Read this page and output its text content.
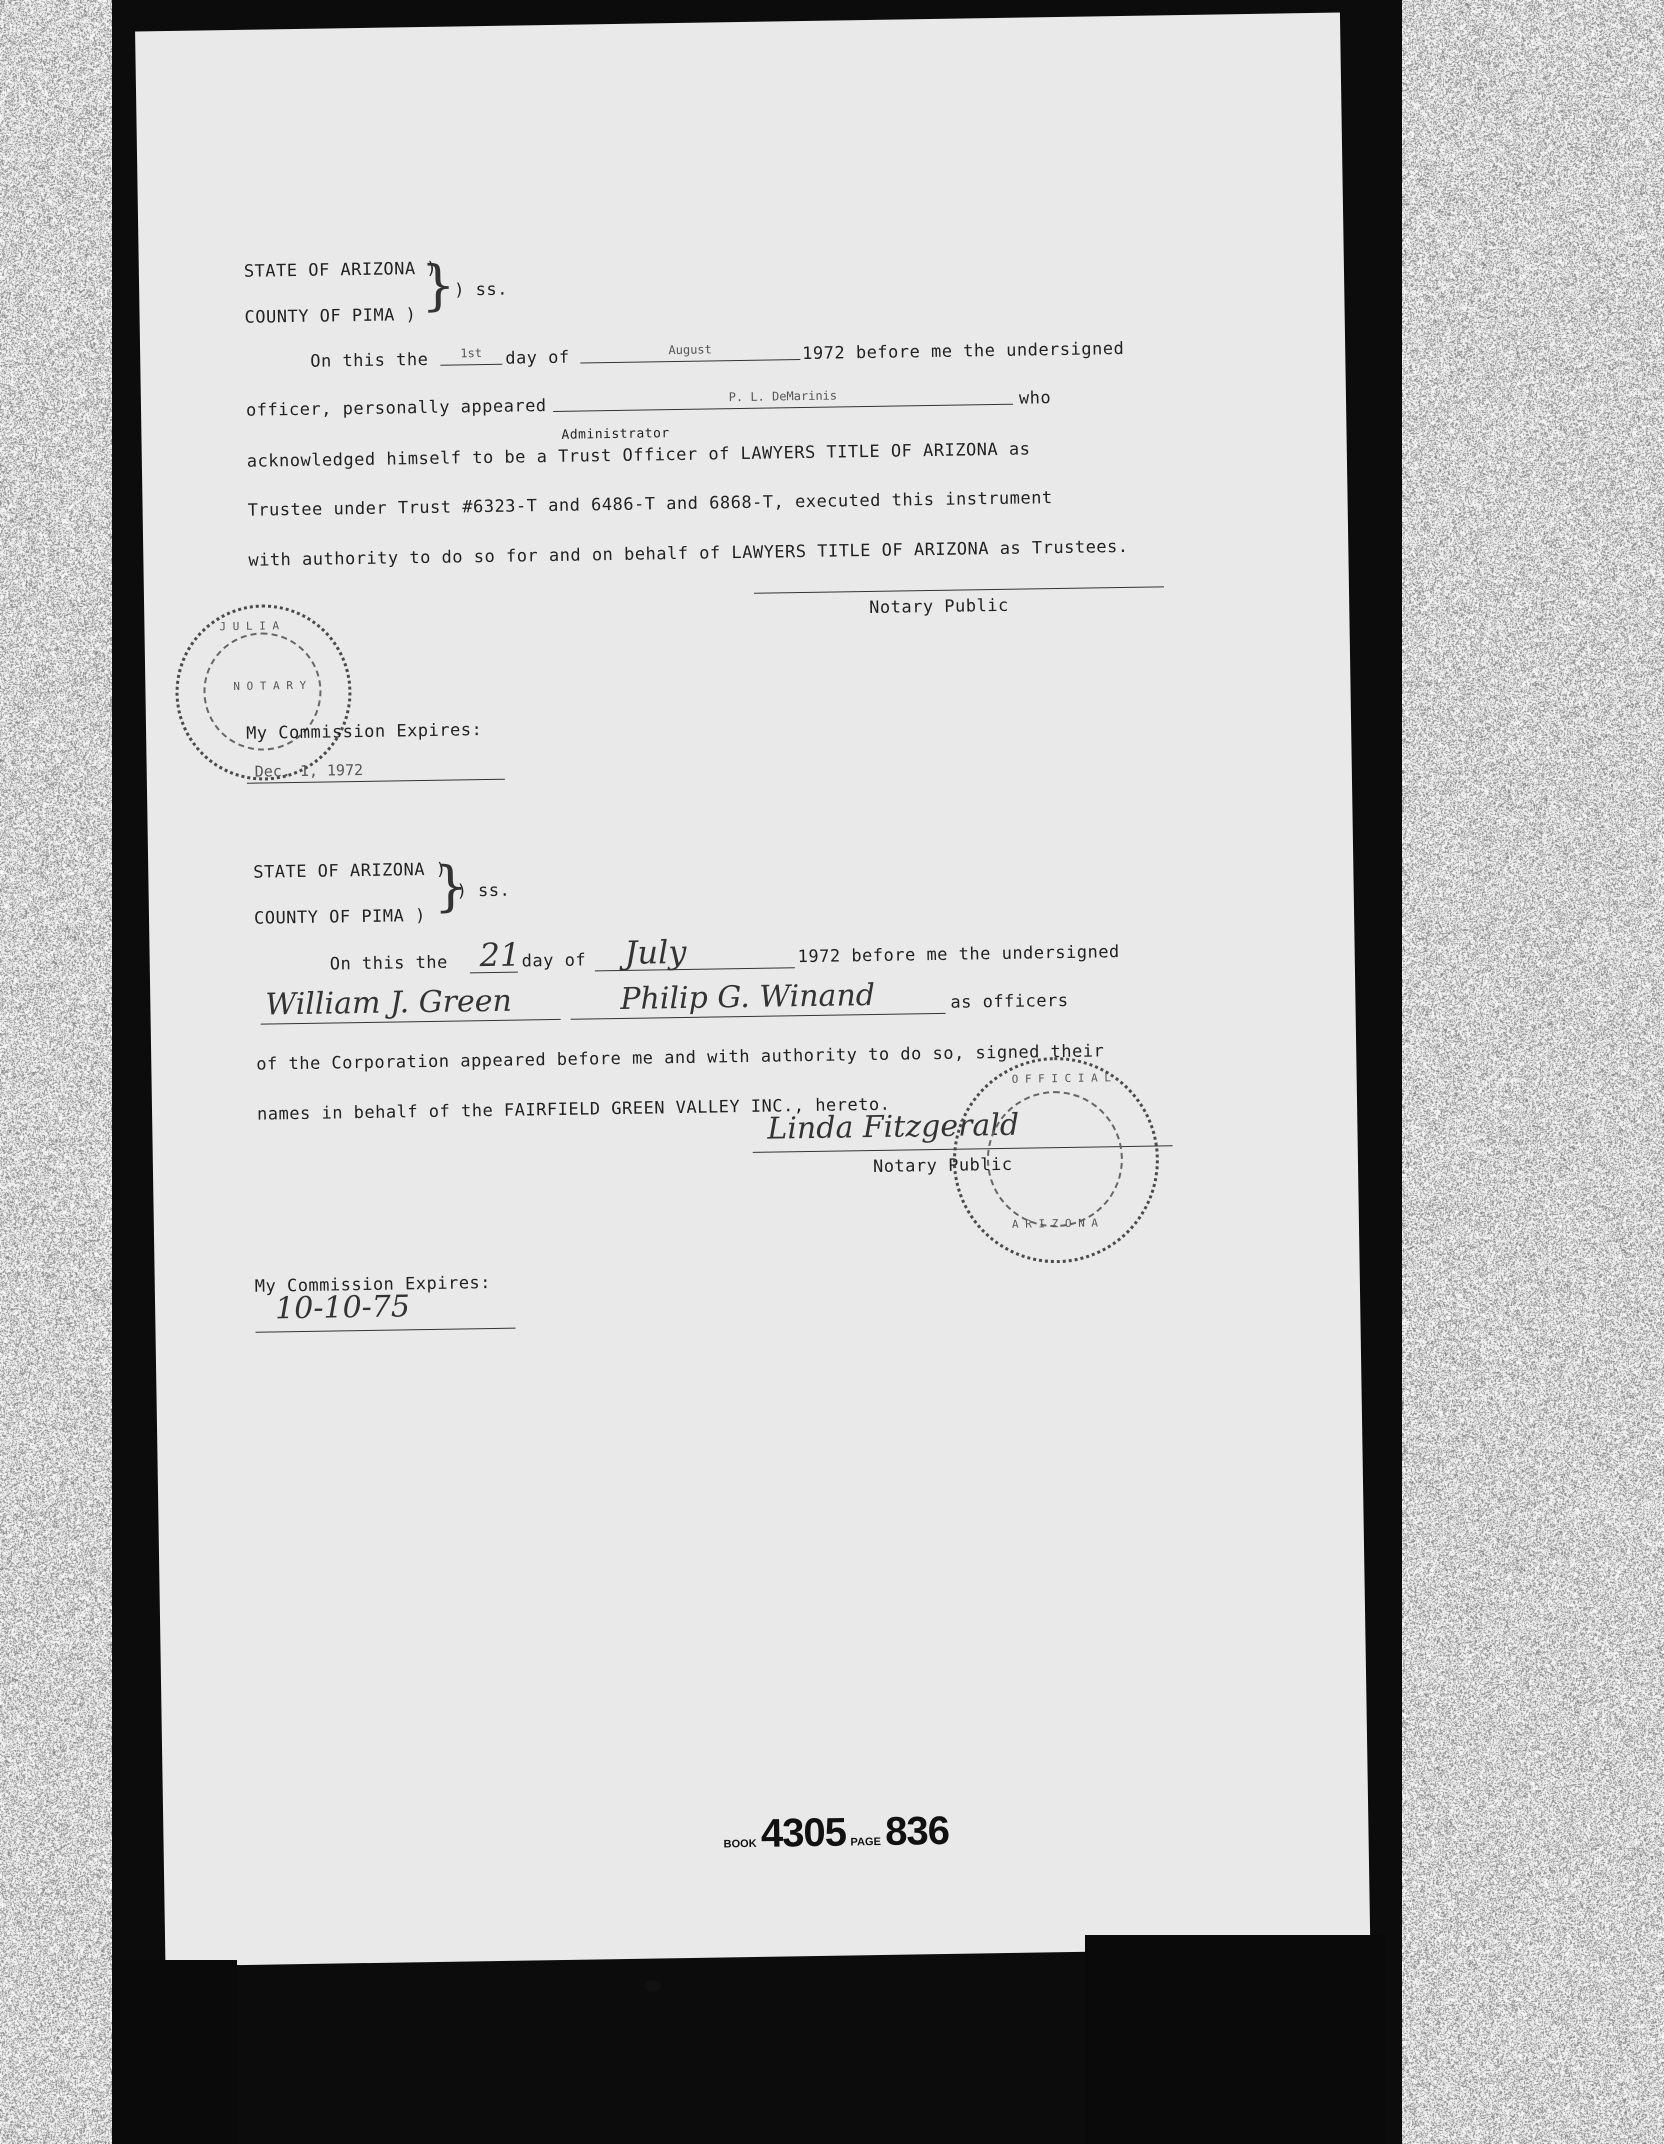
STATE OF ARIZONA )
) ss.
COUNTY OF PIMA )
On this the	1st	day of	August	1972 before me the undersigned
officer, personally appeared	P. L. DeMarinis	who
Administrator
acknowledged himself to be a Trust Officer of LAWYERS TITLE OF ARIZONA as
Trustee under Trust #6323-T and 6486-T and 6868-T, executed this instrument
with authority to do so for and on behalf of LAWYERS TITLE OF ARIZONA as Trustees.
Notary Public
J U L I A
N O T A R Y
My Commission Expires:
Dec. 1, 1972
STATE OF ARIZONA )
) ss.
COUNTY OF PIMA )
On this the 21 day of July	1972 before me the undersigned
William J. Green	Philip G. Winand	as officers
of the Corporation appeared before me and with authority to do so, signed their
names in behalf of the FAIRFIELD GREEN VALLEY INC., hereto.
Linda Fitzgerald
Notary Public
O F F I C I A L
A R I Z O N A
My Commission Expires:
10-10-75
BOOK 4305 PAGE 836
}
}
